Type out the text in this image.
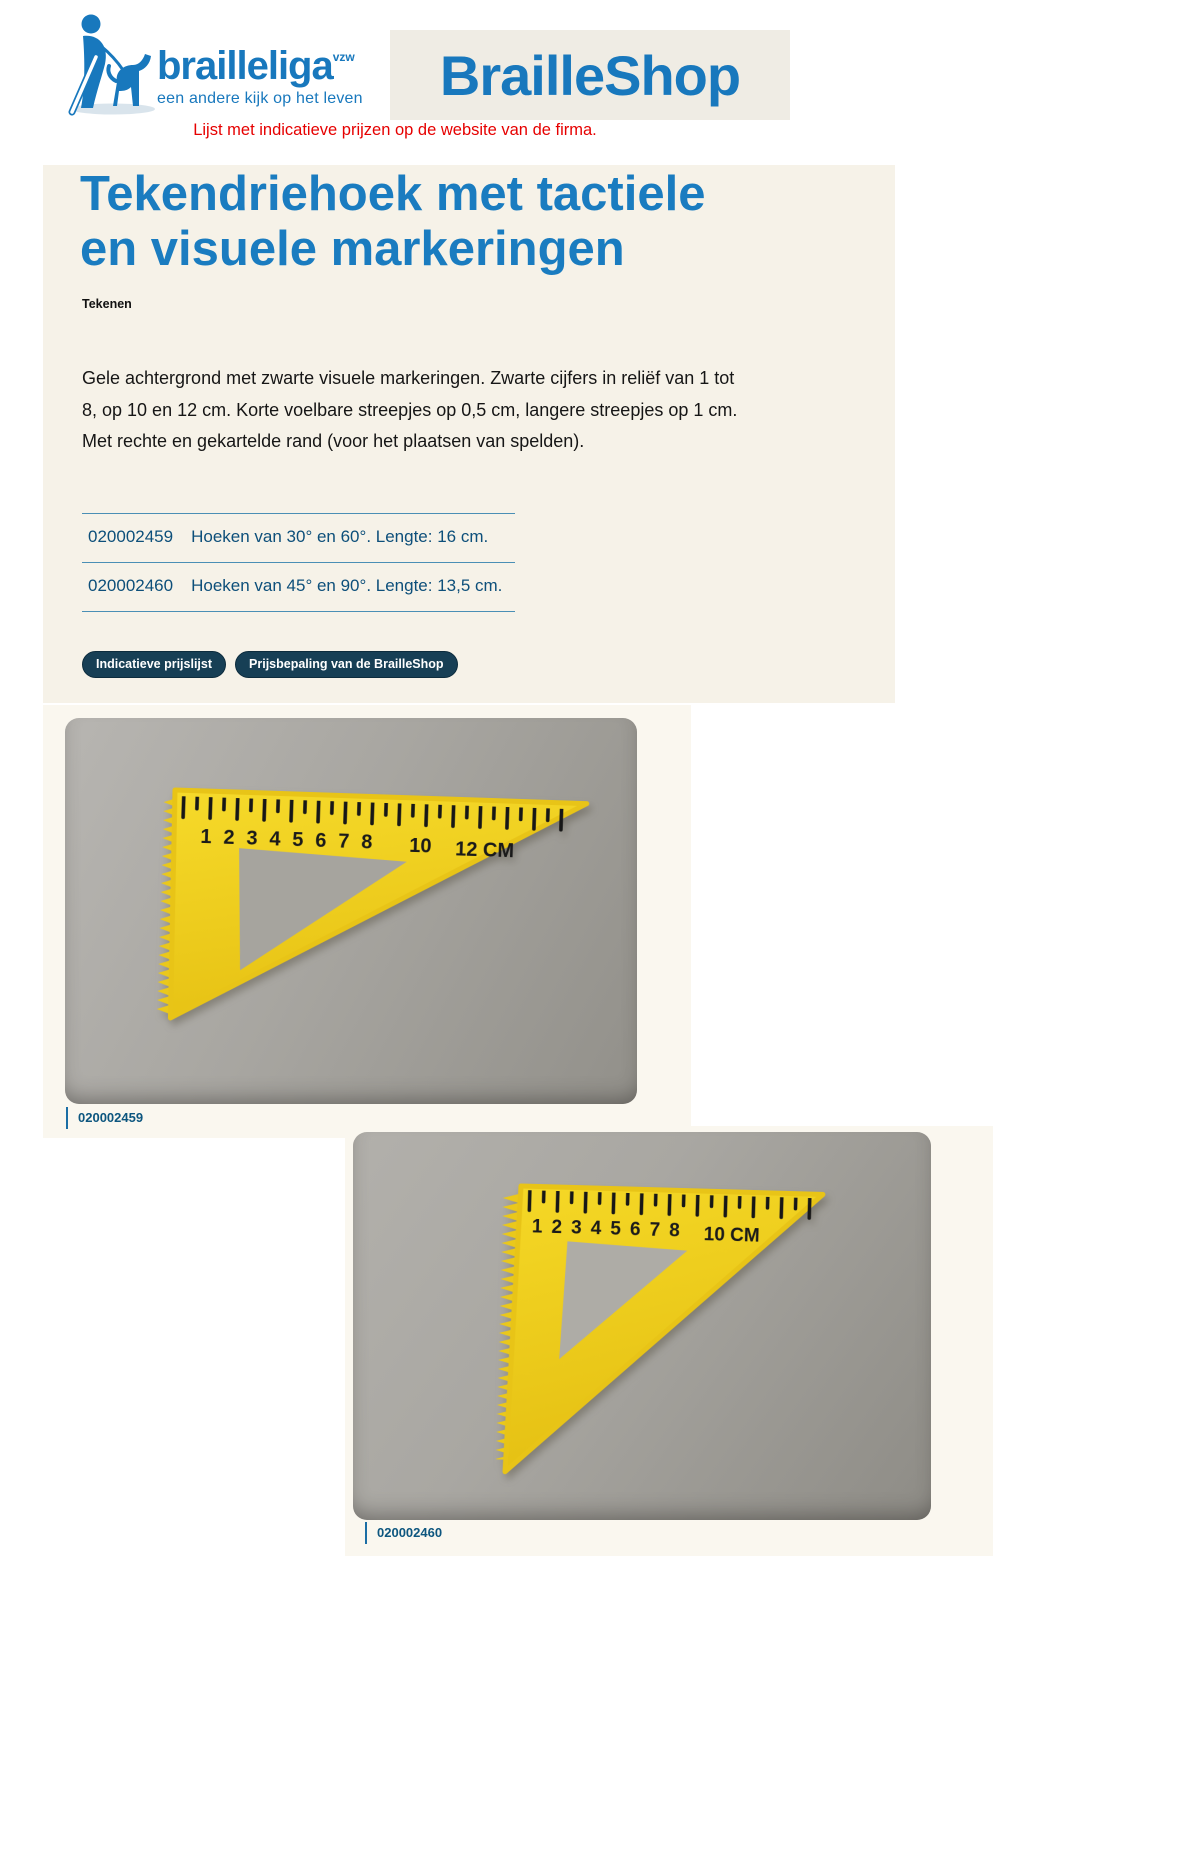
brailleliga$^{vzw}$
een andere kijk op het leven BrailleShop
Lijst met indicatieve prijzen op de website van de firma.
Tekendriehoek met tactiele
en visuele markeringen
Tekenen

Gele achtergrond met zwarte visuele markeringen. Zwarte cijfers in reliëf van 1 tot 8, op 10 en 12 cm. Korte voelbare streepjes op 0,5 cm, langere streepjes op 1 cm. Met rechte en gekartelde rand (voor het plaatsen van spelden).

020002459 Hoeken van 30° en 60°. Lengte: 16 cm.
020002460 Hoeken van 45° en 90°. Lengte: 13,5 cm.
Indicatieve prijslijst	Prijsbepaling van de BrailleShop
1 2 3 4 5 6 7 8 10 12 CM
020002459
1 2 3 4 5 6 7 8 10 CM
020002460
